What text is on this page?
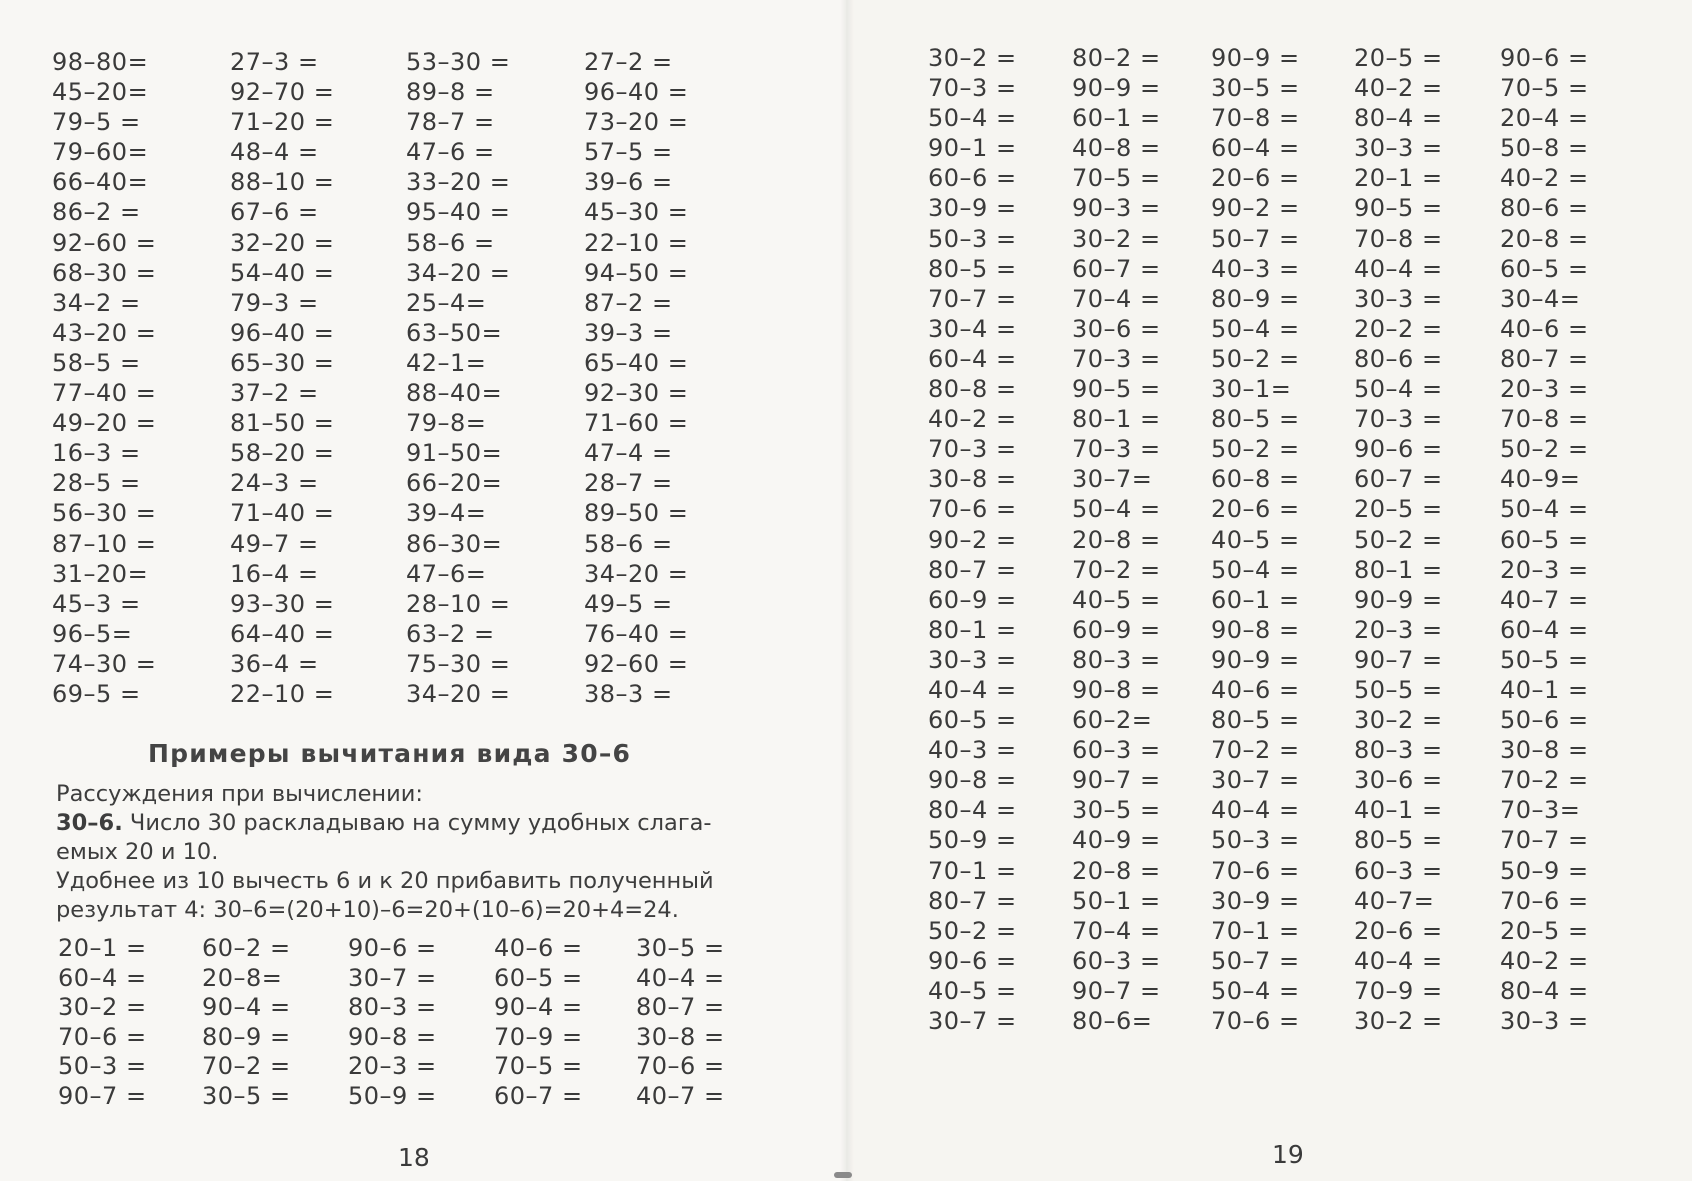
98–80=
45–20=
79–5 =
79–60=
66–40=
86–2 =
92–60 =
68–30 =
34–2 =
43–20 =
58–5 =
77–40 =
49–20 =
16–3 =
28–5 =
56–30 =
87–10 =
31–20=
45–3 =
96–5=
74–30 =
69–5 =
27–3 =
92–70 =
71–20 =
48–4 =
88–10 =
67–6 =
32–20 =
54–40 =
79–3 =
96–40 =
65–30 =
37–2 =
81–50 =
58–20 =
24–3 =
71–40 =
49–7 =
16–4 =
93–30 =
64–40 =
36–4 =
22–10 =
53–30 =
89–8 =
78–7 =
47–6 =
33–20 =
95–40 =
58–6 =
34–20 =
25–4=
63–50=
42–1=
88–40=
79–8=
91–50=
66–20=
39–4=
86–30=
47–6=
28–10 =
63–2 =
75–30 =
34–20 =
27–2 =
96–40 =
73–20 =
57–5 =
39–6 =
45–30 =
22–10 =
94–50 =
87–2 =
39–3 =
65–40 =
92–30 =
71–60 =
47–4 =
28–7 =
89–50 =
58–6 =
34–20 =
49–5 =
76–40 =
92–60 =
38–3 =
Примеры вычитания вида 30–6

Рассуждения при вычислении:

30–6. Число 30 раскладываю на сумму удобных слага-

емых 20 и 10.

Удобнее из 10 вычесть 6 и к 20 прибавить полученный

результат 4: 30–6=(20+10)–6=20+(10–6)=20+4=24.

20–1 =
60–4 =
30–2 =
70–6 =
50–3 =
90–7 =
60–2 =
20–8=
90–4 =
80–9 =
70–2 =
30–5 =
90–6 =
30–7 =
80–3 =
90–8 =
20–3 =
50–9 =
40–6 =
60–5 =
90–4 =
70–9 =
70–5 =
60–7 =
30–5 =
40–4 =
80–7 =
30–8 =
70–6 =
40–7 =
18
30–2 =
70–3 =
50–4 =
90–1 =
60–6 =
30–9 =
50–3 =
80–5 =
70–7 =
30–4 =
60–4 =
80–8 =
40–2 =
70–3 =
30–8 =
70–6 =
90–2 =
80–7 =
60–9 =
80–1 =
30–3 =
40–4 =
60–5 =
40–3 =
90–8 =
80–4 =
50–9 =
70–1 =
80–7 =
50–2 =
90–6 =
40–5 =
30–7 =
80–2 =
90–9 =
60–1 =
40–8 =
70–5 =
90–3 =
30–2 =
60–7 =
70–4 =
30–6 =
70–3 =
90–5 =
80–1 =
70–3 =
30–7=
50–4 =
20–8 =
70–2 =
40–5 =
60–9 =
80–3 =
90–8 =
60–2=
60–3 =
90–7 =
30–5 =
40–9 =
20–8 =
50–1 =
70–4 =
60–3 =
90–7 =
80–6=
90–9 =
30–5 =
70–8 =
60–4 =
20–6 =
90–2 =
50–7 =
40–3 =
80–9 =
50–4 =
50–2 =
30–1=
80–5 =
50–2 =
60–8 =
20–6 =
40–5 =
50–4 =
60–1 =
90–8 =
90–9 =
40–6 =
80–5 =
70–2 =
30–7 =
40–4 =
50–3 =
70–6 =
30–9 =
70–1 =
50–7 =
50–4 =
70–6 =
20–5 =
40–2 =
80–4 =
30–3 =
20–1 =
90–5 =
70–8 =
40–4 =
30–3 =
20–2 =
80–6 =
50–4 =
70–3 =
90–6 =
60–7 =
20–5 =
50–2 =
80–1 =
90–9 =
20–3 =
90–7 =
50–5 =
30–2 =
80–3 =
30–6 =
40–1 =
80–5 =
60–3 =
40–7=
20–6 =
40–4 =
70–9 =
30–2 =
90–6 =
70–5 =
20–4 =
50–8 =
40–2 =
80–6 =
20–8 =
60–5 =
30–4=
40–6 =
80–7 =
20–3 =
70–8 =
50–2 =
40–9=
50–4 =
60–5 =
20–3 =
40–7 =
60–4 =
50–5 =
40–1 =
50–6 =
30–8 =
70–2 =
70–3=
70–7 =
50–9 =
70–6 =
20–5 =
40–2 =
80–4 =
30–3 =
19
